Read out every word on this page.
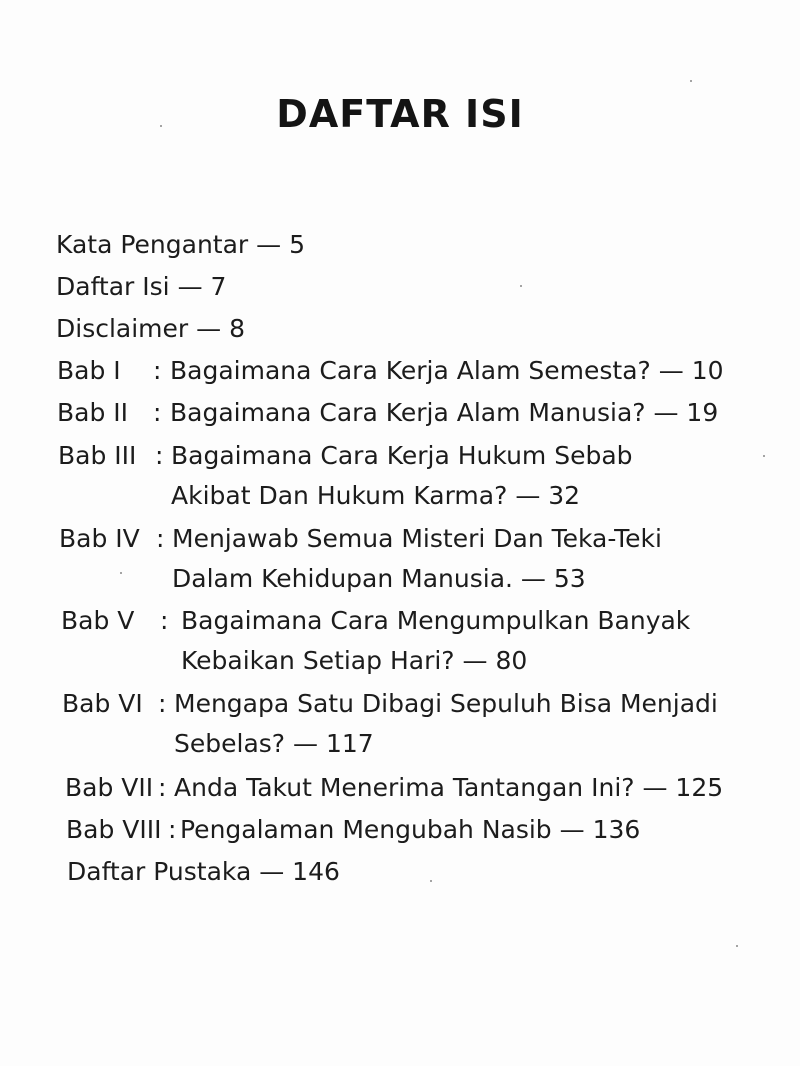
DAFTAR ISI
Kata Pengantar — 5
Daftar Isi — 7
Disclaimer — 8
Bab I : Bagaimana Cara Kerja Alam Semesta? — 10
Bab II : Bagaimana Cara Kerja Alam Manusia? — 19
Bab III : Bagaimana Cara Kerja Hukum Sebab
Akibat Dan Hukum Karma? — 32
Bab IV : Menjawab Semua Misteri Dan Teka-Teki
Dalam Kehidupan Manusia. — 53
Bab V : Bagaimana Cara Mengumpulkan Banyak
Kebaikan Setiap Hari? — 80
Bab VI : Mengapa Satu Dibagi Sepuluh Bisa Menjadi
Sebelas? — 117
Bab VII : Anda Takut Menerima Tantangan Ini? — 125
Bab VIII : Pengalaman Mengubah Nasib — 136
Daftar Pustaka — 146
